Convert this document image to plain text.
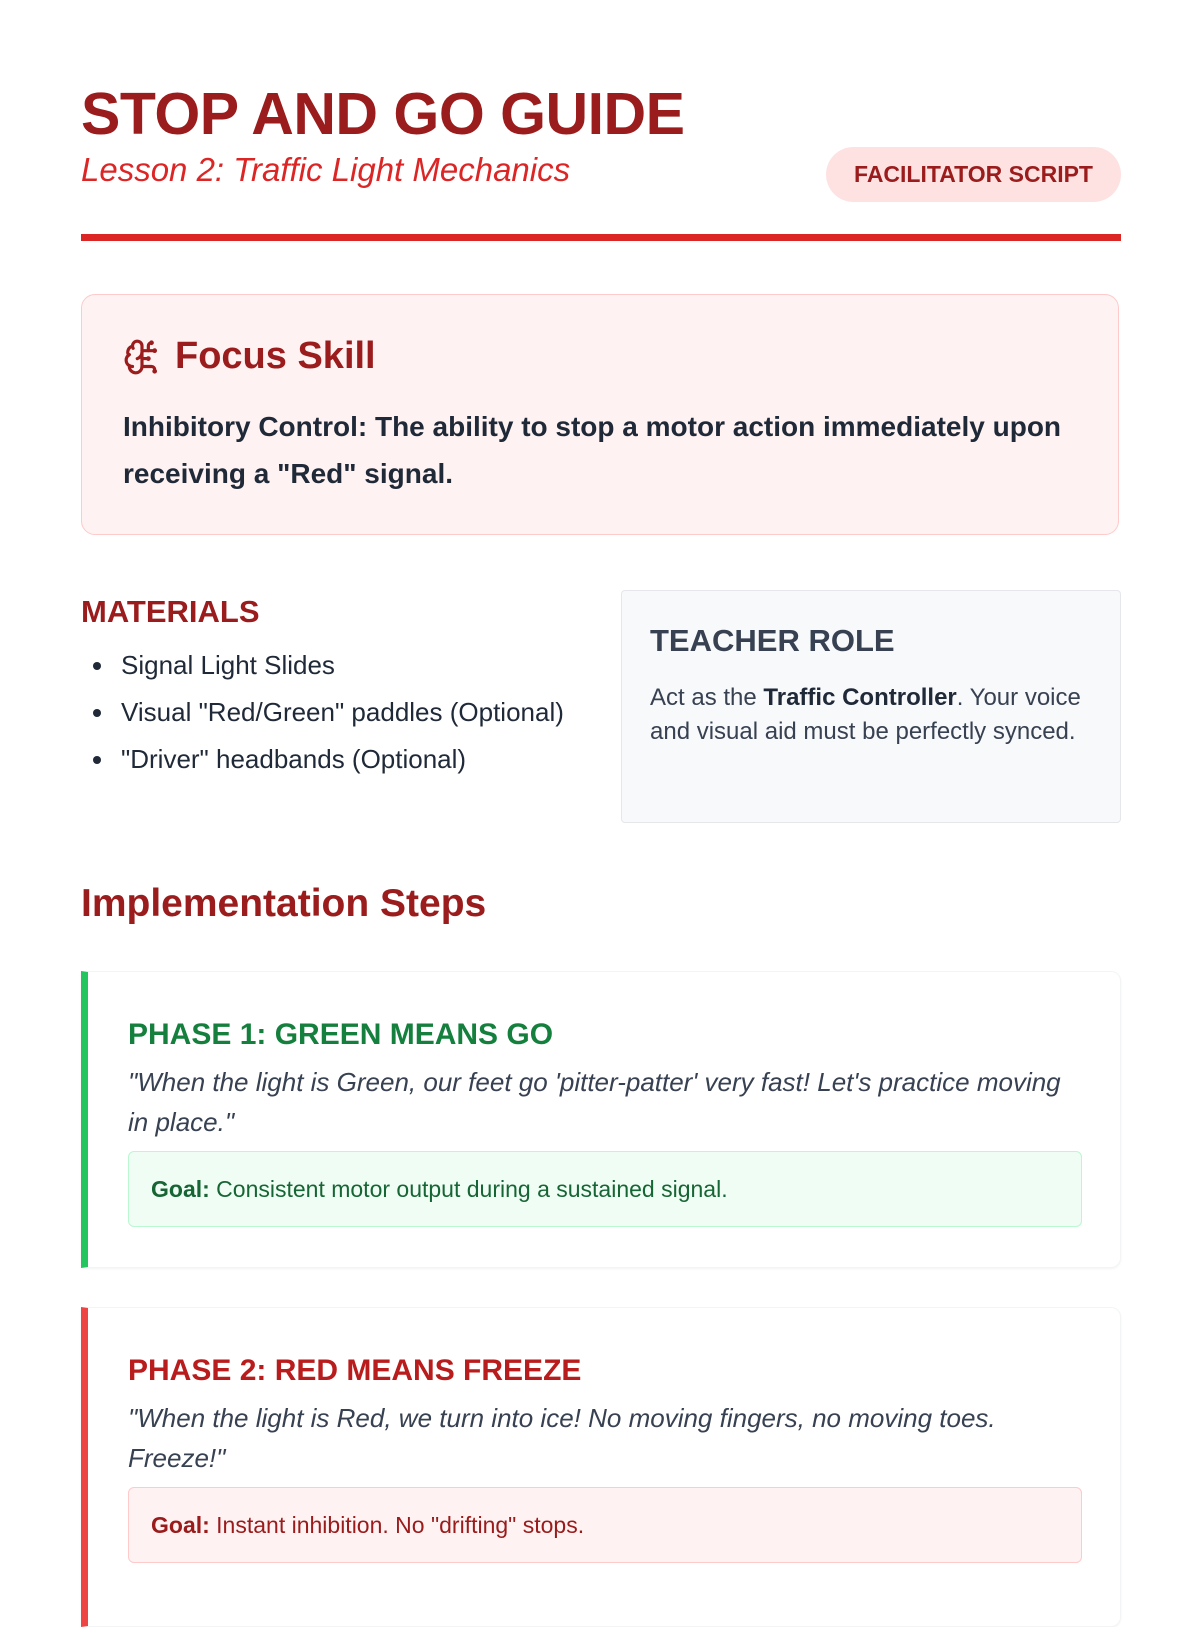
STOP AND GO GUIDE
Lesson 2: Traffic Light Mechanics	FACILITATOR SCRIPT
Focus Skill
Inhibitory Control: The ability to stop a motor action immediately upon receiving a "Red" signal.
MATERIALS
Signal Light Slides
Visual "Red/Green" paddles (Optional)
"Driver" headbands (Optional)
TEACHER ROLE
Act as the Traffic Controller. Your voice and visual aid must be perfectly synced.
Implementation Steps
PHASE 1: GREEN MEANS GO
"When the light is Green, our feet go 'pitter-patter' very fast! Let's practice moving in place."
Goal: Consistent motor output during a sustained signal.
PHASE 2: RED MEANS FREEZE
"When the light is Red, we turn into ice! No moving fingers, no moving toes. Freeze!"
Goal: Instant inhibition. No "drifting" stops.
